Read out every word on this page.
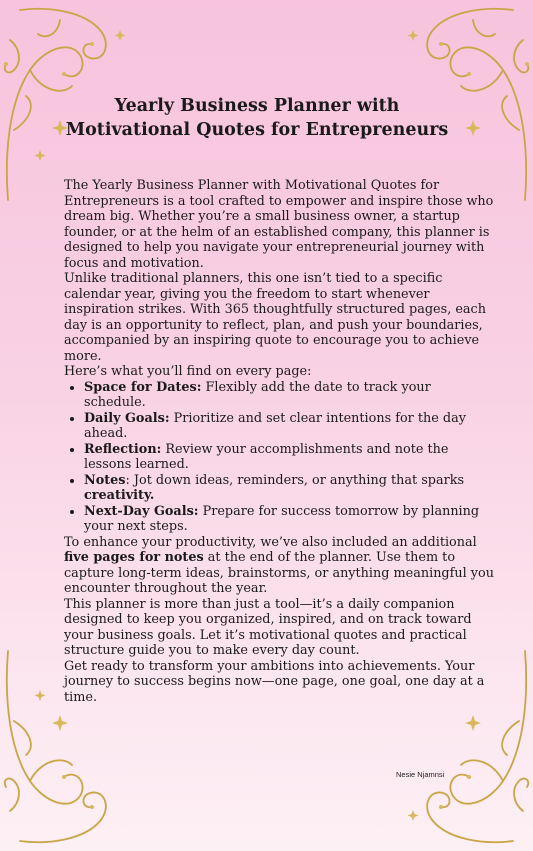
Yearly Business Planner with Motivational Quotes for Entrepreneurs

The Yearly Business Planner with Motivational Quotes for Entrepreneurs is a tool crafted to empower and inspire those who dream big. Whether you’re a small business owner, a startup founder, or at the helm of an established company, this planner is designed to help you navigate your entrepreneurial journey with focus and motivation.

Unlike traditional planners, this one isn’t tied to a specific calendar year, giving you the freedom to start whenever inspiration strikes. With 365 thoughtfully structured pages, each day is an opportunity to reflect, plan, and push your boundaries, accompanied by an inspiring quote to encourage you to achieve more.

Here’s what you’ll find on every page:

• Space for Dates: Flexibly add the date to track your schedule.
• Daily Goals: Prioritize and set clear intentions for the day ahead.
• Reflection: Review your accomplishments and note the lessons learned.
• Notes: Jot down ideas, reminders, or anything that sparks creativity.
• Next-Day Goals: Prepare for success tomorrow by planning your next steps.

To enhance your productivity, we’ve also included an additional five pages for notes at the end of the planner. Use them to capture long-term ideas, brainstorms, or anything meaningful you encounter throughout the year.

This planner is more than just a tool—it’s a daily companion designed to keep you organized, inspired, and on track toward your business goals. Let it’s motivational quotes and practical structure guide you to make every day count.

Get ready to transform your ambitions into achievements. Your journey to success begins now—one page, one goal, one day at a time.

Nesie Njamnsi
